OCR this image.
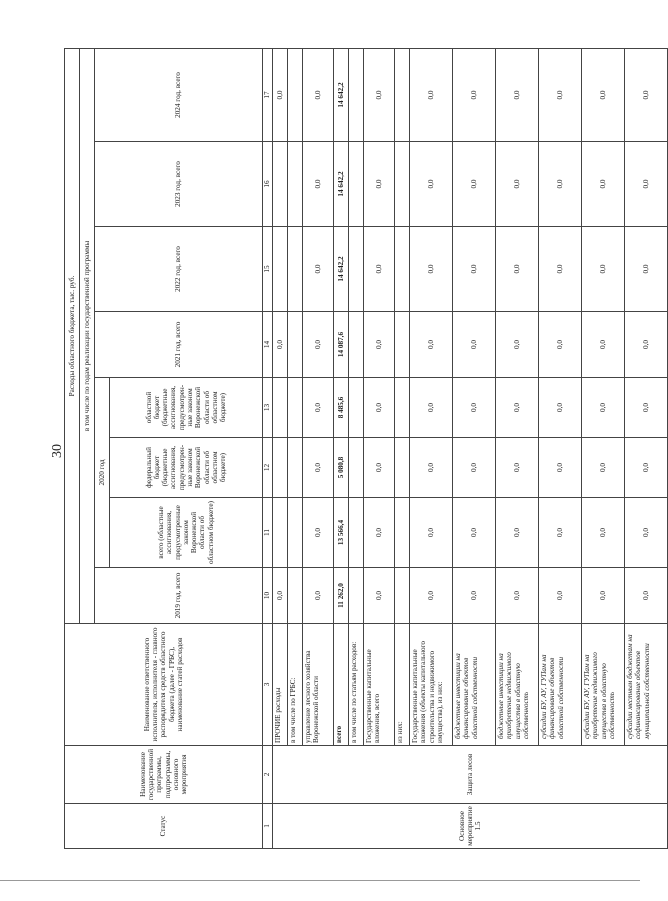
30
Статус	Наименование государственной программы, подпрограммы, основного мероприятия	Наименование ответственного исполнителя, исполнителя - главного распорядителя средств областного бюджета (далее - ГРБС), наименование статей расходов	Расходы областного бюджета, тыс. руб.							
			в том числе по годам реализации государственной программы							
			2019 год, всего	2020 год			2021 год, всего	2022 год, всего	2023 год, всего	2024 год, всего
				всего (областные ассигнования, предусмотренные законом Воронежской области об областном бюджете)	федеральный бюджет (бюджетные ассигнования, предусмотрен-ные законом Воронежской области об областном бюджете)	областной бюджет (бюджетные ассигнования, предусмотрен-ные законом Воронежской области об областном бюджете)				
1	2	3	10	11	12	13	14	15	16	17
Основное мероприятие 1.5	Защита лесов	ПРОЧИЕ расходы	0,0				0,0			0,0
		в том числе по ГРБС:								
		управление лесного хозяйства Воронежской области	0,0	0,0	0,0	0,0	0,0	0,0	0,0	0,0
		всего	11 262,0	13 566,4	5 080,8	8 485,6	14 087,6	14 642,2	14 642,2	14 642,2
		в том числе по статьям расходов:								
		Государственные капитальные вложения, всего	0,0	0,0	0,0	0,0	0,0	0,0	0,0	0,0
		из них:								
		Государственные капитальные вложения (объекты капитального строительства и недвижимого имущества), из них:	0,0	0,0	0,0	0,0	0,0	0,0	0,0	0,0
		бюджетные инвестиции на финансирование объектов областной собственности	0,0	0,0	0,0	0,0	0,0	0,0	0,0	0,0
		бюджетные инвестиции на приобретение недвижимого имущества в областную собственность	0,0	0,0	0,0	0,0	0,0	0,0	0,0	0,0
		субсидии БУ, АУ, ГУПам на финансирование объектов областной собственности	0,0	0,0	0,0	0,0	0,0	0,0	0,0	0,0
		субсидии БУ, АУ, ГУПам на приобретение недвижимого имущества в областную собственность	0,0	0,0	0,0	0,0	0,0	0,0	0,0	0,0
		субсидии местным бюджетам на софинансирование объектов муниципальной собственности	0,0	0,0	0,0	0,0	0,0	0,0	0,0	0,0
